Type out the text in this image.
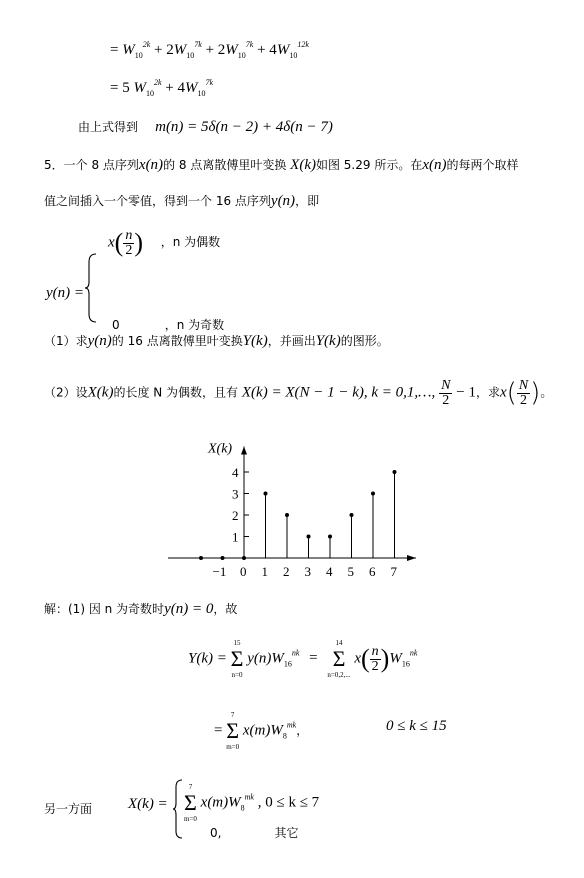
= $W_{10}^{2k} + 2W_{10}^{7k} + 2W_{10}^{7k} + 4W_{10}^{12k}$
= 5 $W_{10}^{2k} + 4W_{10}^{7k}$
由上式得到 m(n) = 5δ(n − 2) + 4δ(n − 7)
5．一个 8 点序列x(n)的 8 点离散傅里叶变换 X(k)如图 5.29 所示。在x(n)的每两个取样
值之间插入一个零值，得到一个 16 点序列y(n)，即
y(n) =
$x( \frac{n}{2}$ ) ，n 为偶数
0	，n 为奇数
（1）求y(n)的 16 点离散傅里叶变换Y(k)，并画出Y(k)的图形。
（2）设X(k)的长度 N 为偶数，且有 X(k) = X(N − 1 − k), k = 0,1,…, $\frac{N}{2} - 1$，求$x( \frac{N}{2}$ )。
X(k)
1
2
3
4
−1 0 1 2 3 4 5 6 7
解：(1) 因 n 为奇数时y(n) = 0，故
Y(k) =
15
Σ
n=0
$y(n)W_{16}^{nk}$ =
14
Σ
n=0,2,...
$x( \frac{n}{2} )W_{16}^{nk}$
=
7
Σ
m=0
$x(m)W_8^{mk}$，	0 ≤ k ≤ 15
另一方面 X(k) =
7
Σ
m=0
$x(m)W_8^{mk}$ , 0 ≤ k ≤ 7
0,	其它
